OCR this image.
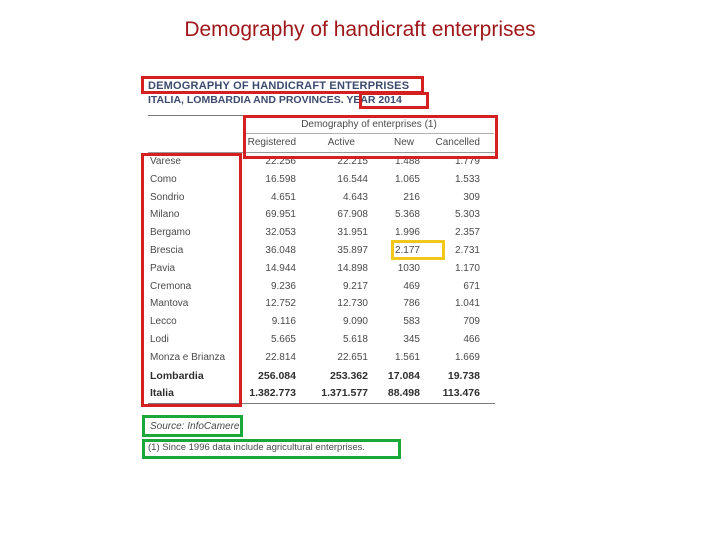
Demography of handicraft enterprises
DEMOGRAPHY OF HANDICRAFT ENTERPRISES
ITALIA, LOMBARDIA AND PROVINCES. YEAR 2014
Demography of enterprises (1)
Registered	Active	New	Cancelled
Varese	22.256	22.215	1.488	1.779
Como	16.598	16.544	1.065	1.533
Sondrio	4.651	4.643	216	309
Milano	69.951	67.908	5.368	5.303
Bergamo	32.053	31.951	1.996	2.357
Brescia	36.048	35.897	2.177	2.731
Pavia	14.944	14.898	1030	1.170
Cremona	9.236	9.217	469	671
Mantova	12.752	12.730	786	1.041
Lecco	9.116	9.090	583	709
Lodi	5.665	5.618	345	466
Monza e Brianza	22.814	22.651	1.561	1.669
Lombardia	256.084	253.362	17.084	19.738
Italia	1.382.773	1.371.577	88.498	113.476
Source: InfoCamere
(1) Since 1996 data include agricultural enterprises.
